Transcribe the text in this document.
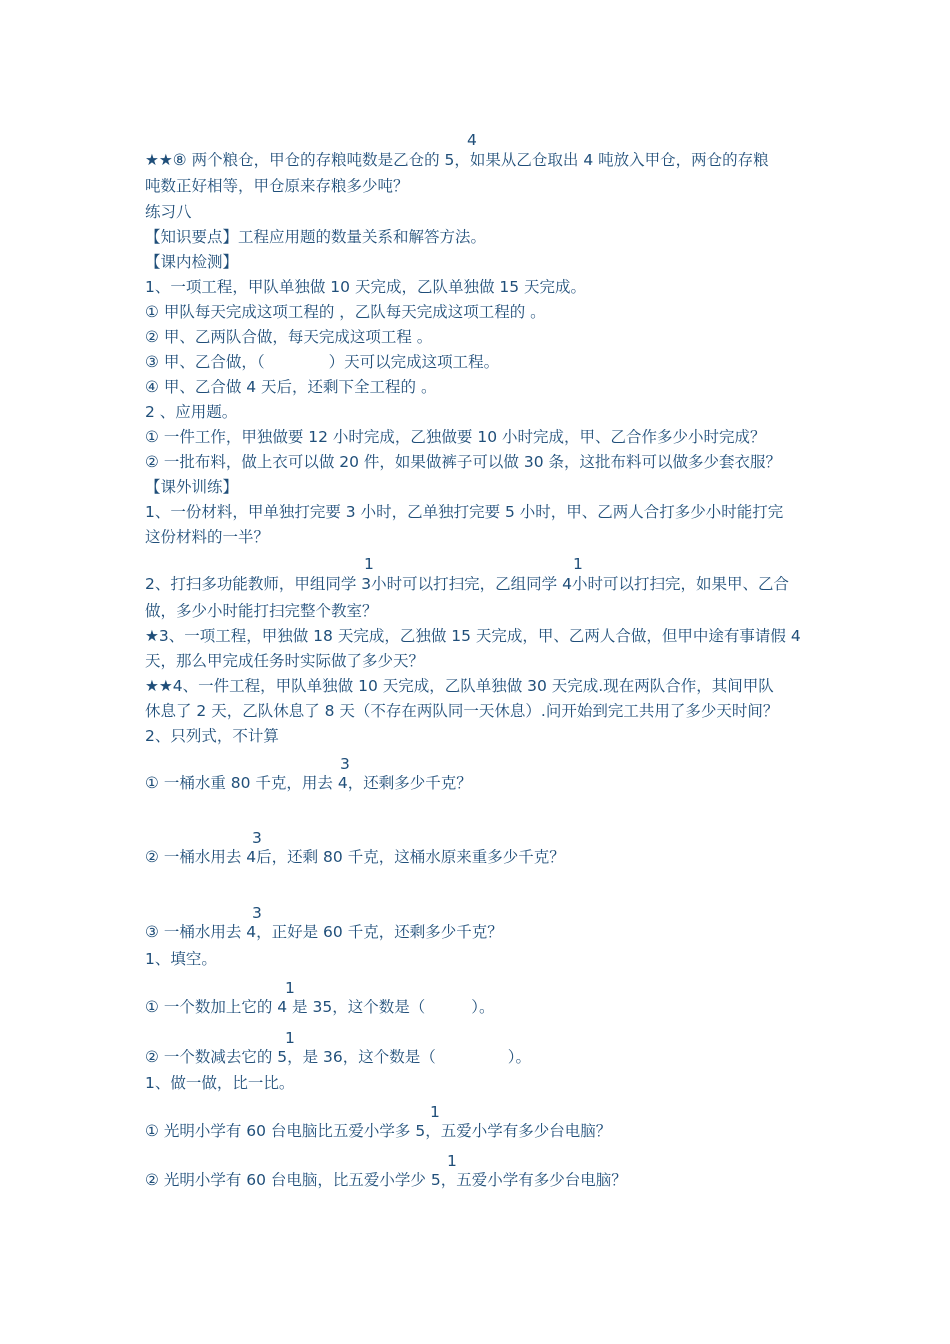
4
★★⑧ 两个粮仓，甲仓的存粮吨数是乙仓的 5，如果从乙仓取出 4 吨放入甲仓，两仓的存粮
吨数正好相等，甲仓原来存粮多少吨？
练习八
【知识要点】工程应用题的数量关系和解答方法。
【课内检测】
1、一项工程，甲队单独做 10 天完成，乙队单独做 15 天完成。
① 甲队每天完成这项工程的 ，乙队每天完成这项工程的 。
② 甲、乙两队合做，每天完成这项工程 。
③ 甲、乙合做，（	）天可以完成这项工程。
④ 甲、乙合做 4 天后，还剩下全工程的 。
2 、应用题。
① 一件工作，甲独做要 12 小时完成，乙独做要 10 小时完成，甲、乙合作多少小时完成？
② 一批布料，做上衣可以做 20 件，如果做裤子可以做 30 条，这批布料可以做多少套衣服？
【课外训练】
1、一份材料，甲单独打完要 3 小时，乙单独打完要 5 小时，甲、乙两人合打多少小时能打完
这份材料的一半？
1	1
2、打扫多功能教师，甲组同学 3小时可以打扫完，乙组同学 4小时可以打扫完，如果甲、乙合
做，多少小时能打扫完整个教室？
★3、一项工程，甲独做 18 天完成，乙独做 15 天完成，甲、乙两人合做，但甲中途有事请假 4
天，那么甲完成任务时实际做了多少天？
★★4、一件工程，甲队单独做 10 天完成，乙队单独做 30 天完成.现在两队合作，其间甲队
休息了 2 天，乙队休息了 8 天（不存在两队同一天休息）.问开始到完工共用了多少天时间？
2、只列式，不计算
3
① 一桶水重 80 千克，用去 4，还剩多少千克？
3
② 一桶水用去 4后，还剩 80 千克，这桶水原来重多少千克？
3
③ 一桶水用去 4，正好是 60 千克，还剩多少千克？
1、填空。
1
① 一个数加上它的 4 是 35，这个数是（	）。
1
② 一个数减去它的 5，是 36，这个数是（	）。
1、做一做，比一比。
1
① 光明小学有 60 台电脑比五爱小学多 5，五爱小学有多少台电脑？
1
② 光明小学有 60 台电脑，比五爱小学少 5，五爱小学有多少台电脑？
